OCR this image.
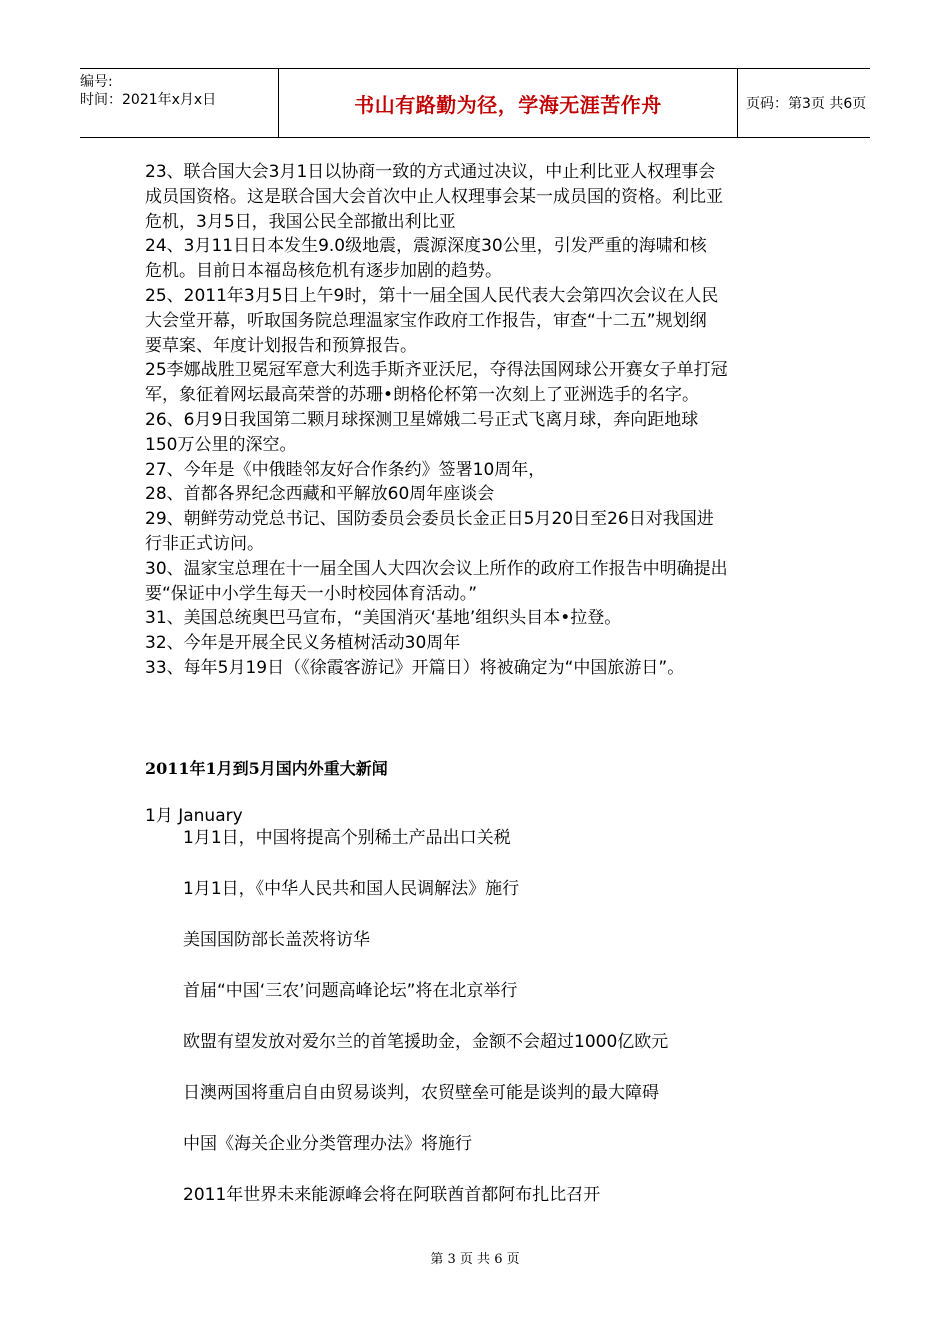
编号:
时间：2021年x月x日	书山有路勤为径，学海无涯苦作舟	页码：第3页 共6页
23、联合国大会3月1日以协商一致的方式通过决议，中止利比亚人权理事会
成员国资格。这是联合国大会首次中止人权理事会某一成员国的资格。利比亚
危机，3月5日，我国公民全部撤出利比亚
24、3月11日日本发生9.0级地震，震源深度30公里，引发严重的海啸和核
危机。目前日本福岛核危机有逐步加剧的趋势。
25、2011年3月5日上午9时，第十一届全国人民代表大会第四次会议在人民
大会堂开幕，听取国务院总理温家宝作政府工作报告，审查“十二五”规划纲
要草案、年度计划报告和预算报告。
25李娜战胜卫冕冠军意大利选手斯齐亚沃尼，夺得法国网球公开赛女子单打冠
军，象征着网坛最高荣誉的苏珊•朗格伦杯第一次刻上了亚洲选手的名字。
26、6月9日我国第二颗月球探测卫星嫦娥二号正式飞离月球，奔向距地球
150万公里的深空。
27、今年是《中俄睦邻友好合作条约》签署10周年，
28、首都各界纪念西藏和平解放60周年座谈会
29、朝鲜劳动党总书记、国防委员会委员长金正日5月20日至26日对我国进
行非正式访问。
30、温家宝总理在十一届全国人大四次会议上所作的政府工作报告中明确提出
要“保证中小学生每天一小时校园体育活动。”
31、美国总统奥巴马宣布，“美国消灭‘基地’组织头目本•拉登。
32、今年是开展全民义务植树活动30周年
33、每年5月19日（《徐霞客游记》开篇日）将被确定为“中国旅游日”。
2011年1月到5月国内外重大新闻
1月 January
1月1日，中国将提高个别稀土产品出口关税
1月1日，《中华人民共和国人民调解法》施行
美国国防部长盖茨将访华
首届“中国‘三农’问题高峰论坛”将在北京举行
欧盟有望发放对爱尔兰的首笔援助金，金额不会超过1000亿欧元
日澳两国将重启自由贸易谈判，农贸壁垒可能是谈判的最大障碍
中国《海关企业分类管理办法》将施行
2011年世界未来能源峰会将在阿联酋首都阿布扎比召开
第 3 页 共 6 页
